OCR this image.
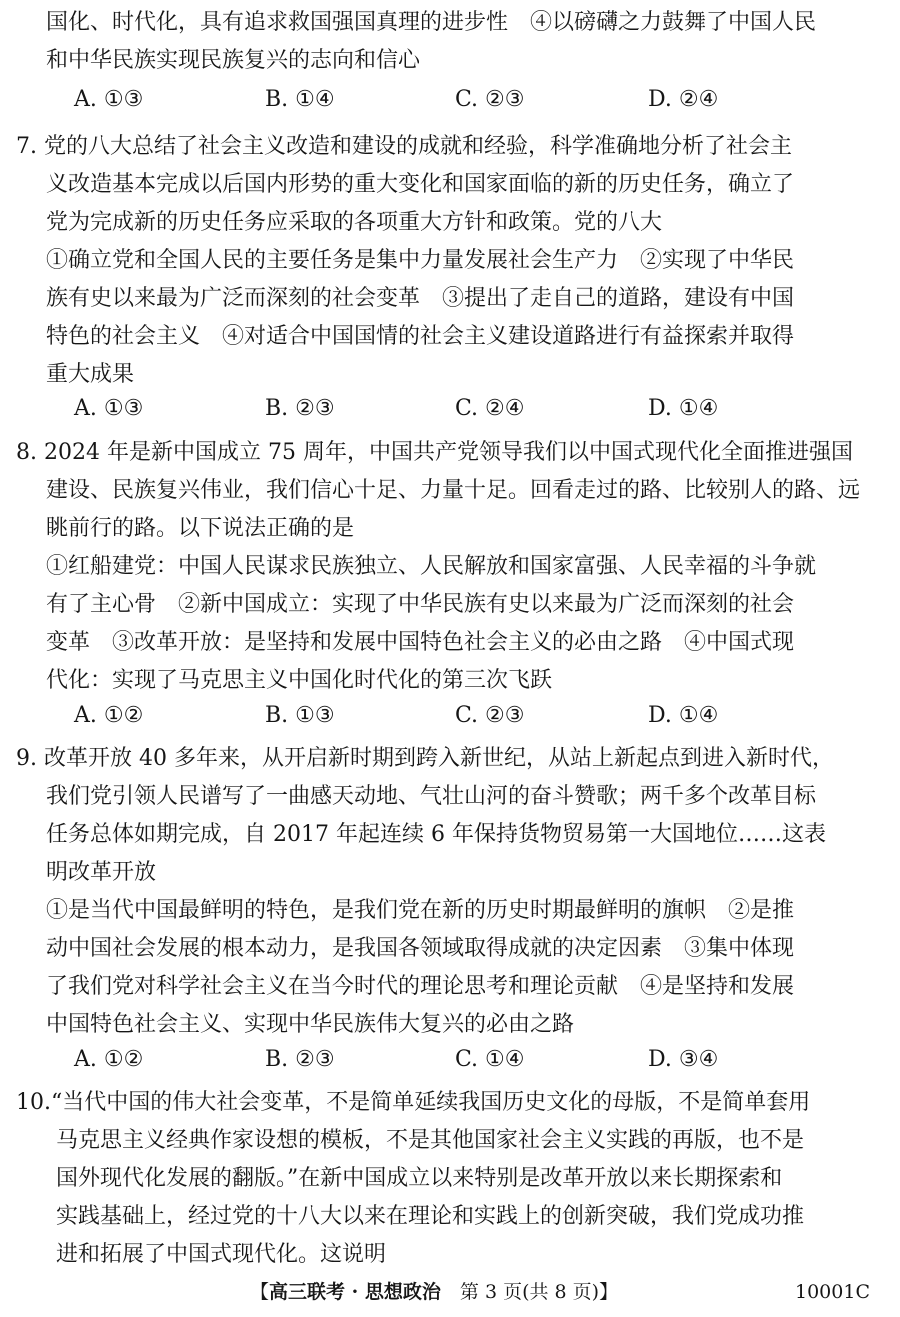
国化、时代化，具有追求救国强国真理的进步性　④以磅礴之力鼓舞了中国人民
和中华民族实现民族复兴的志向和信心
A. ①③	B. ①④	C. ②③	D. ②④
7. 党的八大总结了社会主义改造和建设的成就和经验，科学准确地分析了社会主
义改造基本完成以后国内形势的重大变化和国家面临的新的历史任务，确立了
党为完成新的历史任务应采取的各项重大方针和政策。党的八大
①确立党和全国人民的主要任务是集中力量发展社会生产力　②实现了中华民
族有史以来最为广泛而深刻的社会变革　③提出了走自己的道路，建设有中国
特色的社会主义　④对适合中国国情的社会主义建设道路进行有益探索并取得
重大成果
A. ①③	B. ②③	C. ②④	D. ①④
8. 2024 年是新中国成立 75 周年，中国共产党领导我们以中国式现代化全面推进强国
建设、民族复兴伟业，我们信心十足、力量十足。回看走过的路、比较别人的路、远
眺前行的路。以下说法正确的是
①红船建党：中国人民谋求民族独立、人民解放和国家富强、人民幸福的斗争就
有了主心骨　②新中国成立：实现了中华民族有史以来最为广泛而深刻的社会
变革　③改革开放：是坚持和发展中国特色社会主义的必由之路　④中国式现
代化：实现了马克思主义中国化时代化的第三次飞跃
A. ①②	B. ①③	C. ②③	D. ①④
9. 改革开放 40 多年来，从开启新时期到跨入新世纪，从站上新起点到进入新时代，
我们党引领人民谱写了一曲感天动地、气壮山河的奋斗赞歌；两千多个改革目标
任务总体如期完成，自 2017 年起连续 6 年保持货物贸易第一大国地位……这表
明改革开放
①是当代中国最鲜明的特色，是我们党在新的历史时期最鲜明的旗帜　②是推
动中国社会发展的根本动力，是我国各领域取得成就的决定因素　③集中体现
了我们党对科学社会主义在当今时代的理论思考和理论贡献　④是坚持和发展
中国特色社会主义、实现中华民族伟大复兴的必由之路
A. ①②	B. ②③	C. ①④	D. ③④
10.“当代中国的伟大社会变革，不是简单延续我国历史文化的母版，不是简单套用
马克思主义经典作家设想的模板，不是其他国家社会主义实践的再版，也不是
国外现代化发展的翻版。”在新中国成立以来特别是改革开放以来长期探索和
实践基础上，经过党的十八大以来在理论和实践上的创新突破，我们党成功推
进和拓展了中国式现代化。这说明
【高三联考 · 思想政治　第 3 页(共 8 页)】	10001C
